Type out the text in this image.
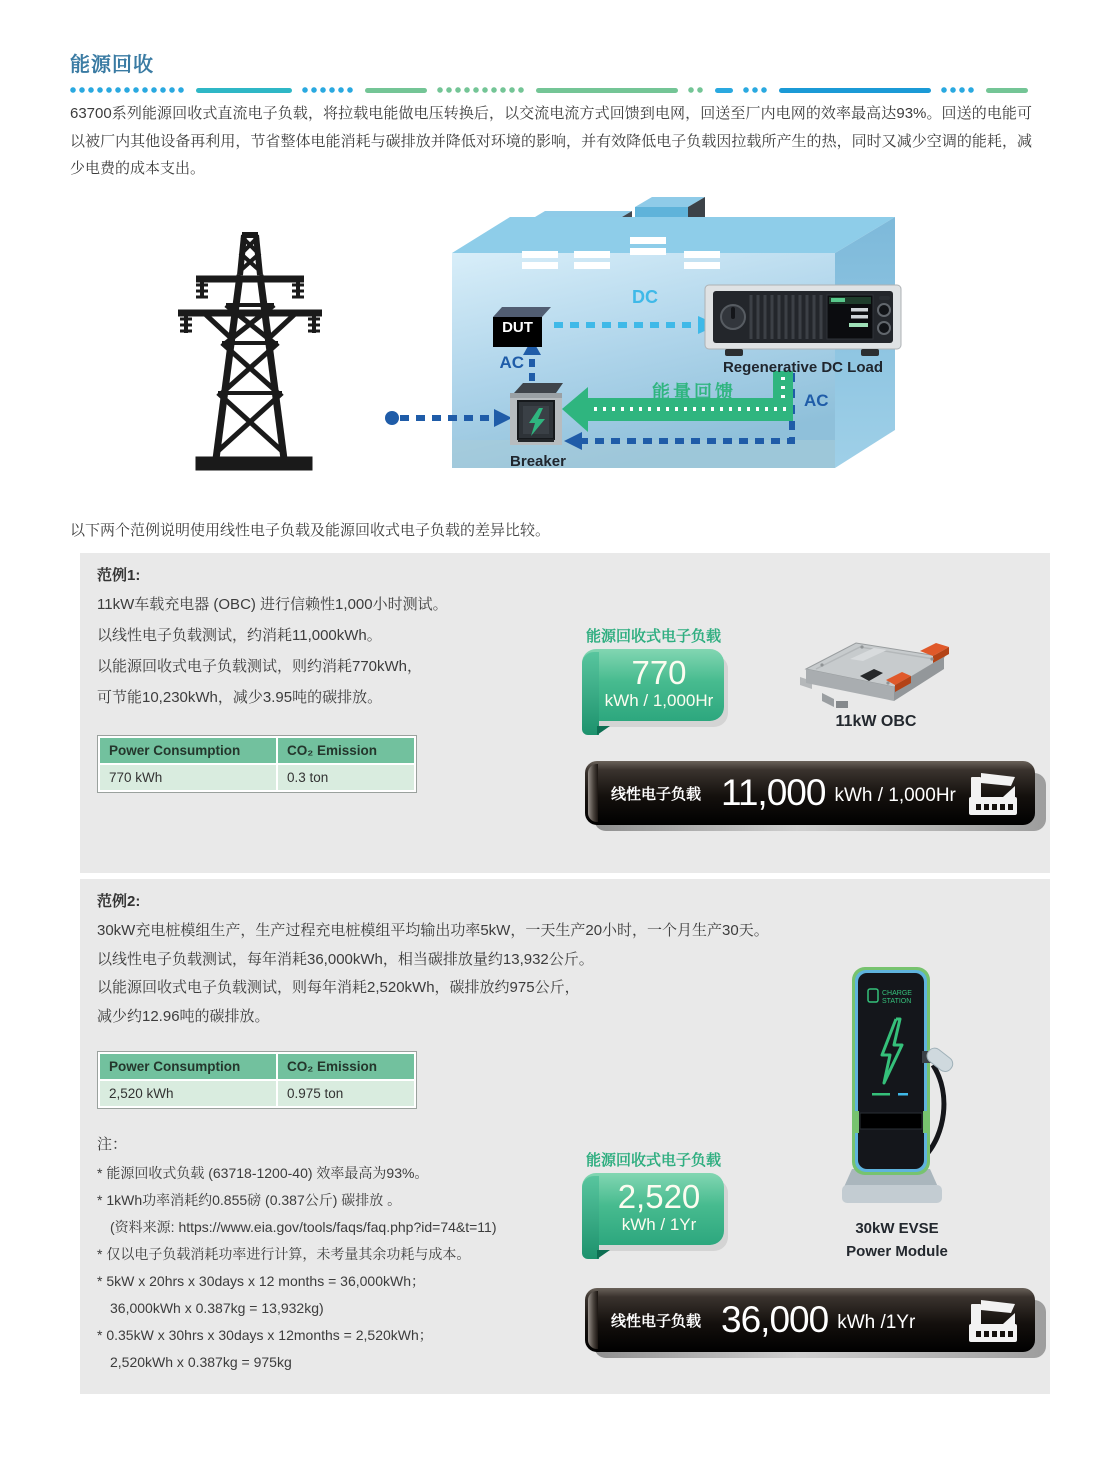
能源回收
63700系列能源回收式直流电子负载，将拉载电能做电压转换后，以交流电流方式回馈到电网，回送至厂内电网的效率最高达93%。回送的电能可以被厂内其他设备再利用，节省整体电能消耗与碳排放并降低对环境的影响，并有效降低电子负载因拉载所产生的热，同时又减少空调的能耗，减少电费的成本支出。
DUT
DC
AC
AC
Regenerative DC Load
能量回馈
Breaker
以下两个范例说明使用线性电子负载及能源回收式电子负载的差异比较。
范例1:
11kW车载充电器 (OBC) 进行信赖性1,000小时测试。
以线性电子负载测试，约消耗11,000kWh。
以能源回收式电子负载测试，则约消耗770kWh，
可节能10,230kWh，减少3.95吨的碳排放。
Power Consumption	CO₂ Emission
770 kWh	0.3 ton
能源回收式电子负载
770
kWh / 1,000Hr
11kW OBC
线性电子负载 11,000 kWh / 1,000Hr
范例2:
30kW充电桩模组生产，生产过程充电桩模组平均输出功率5kW，一天生产20小时，一个月生产30天。
以线性电子负载测试，每年消耗36,000kWh，相当碳排放量约13,932公斤。
以能源回收式电子负载测试，则每年消耗2,520kWh，碳排放约975公斤，
减少约12.96吨的碳排放。
Power Consumption	CO₂ Emission
2,520 kWh	0.975 ton
注：
* 能源回收式负载 (63718-1200-40) 效率最高为93%。
* 1kWh功率消耗约0.855磅 (0.387公斤) 碳排放 。
(资料来源: https://www.eia.gov/tools/faqs/faq.php?id=74&t=11)
* 仅以电子负载消耗功率进行计算，未考量其余功耗与成本。
* 5kW x 20hrs x 30days x 12 months = 36,000kWh；
36,000kWh x 0.387kg = 13,932kg)
* 0.35kW x 30hrs x 30days x 12months = 2,520kWh；
2,520kWh x 0.387kg = 975kg
能源回收式电子负载
2,520
kWh / 1Yr
CHARGE
STATION
30kW EVSE
Power Module
线性电子负载 36,000 kWh /1Yr
